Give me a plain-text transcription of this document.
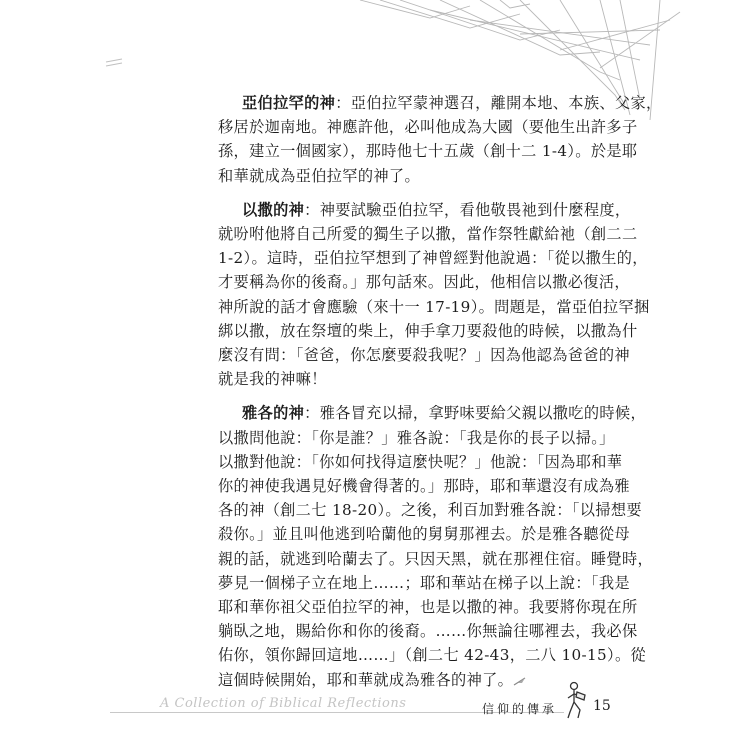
亞伯拉罕的神：亞伯拉罕蒙神選召，離開本地、本族、父家，
移居於迦南地。神應許他，必叫他成為大國（要他生出許多子
孫，建立一個國家），那時他七十五歲（創十二 1-4）。於是耶
和華就成為亞伯拉罕的神了。
以撒的神：神要試驗亞伯拉罕，看他敬畏祂到什麼程度，
就吩咐他將自己所愛的獨生子以撒，當作祭牲獻給祂（創二二
1-2）。這時，亞伯拉罕想到了神曾經對他說過：「從以撒生的，
才要稱為你的後裔。」那句話來。因此，他相信以撒必復活，
神所說的話才會應驗（來十一 17-19）。問題是，當亞伯拉罕捆
綁以撒，放在祭壇的柴上，伸手拿刀要殺他的時候，以撒為什
麼沒有問：「爸爸，你怎麼要殺我呢？」因為他認為爸爸的神
就是我的神嘛！
雅各的神：雅各冒充以掃，拿野味要給父親以撒吃的時候，
以撒問他說：「你是誰？」雅各說：「我是你的長子以掃。」
以撒對他說：「你如何找得這麼快呢？」他說：「因為耶和華
你的神使我遇見好機會得著的。」那時，耶和華還沒有成為雅
各的神（創二七 18-20）。之後，利百加對雅各說：「以掃想要
殺你。」並且叫他逃到哈蘭他的舅舅那裡去。於是雅各聽從母
親的話，就逃到哈蘭去了。只因天黑，就在那裡住宿。睡覺時，
夢見一個梯子立在地上……；耶和華站在梯子以上說：「我是
耶和華你祖父亞伯拉罕的神，也是以撒的神。我要將你現在所
躺臥之地，賜給你和你的後裔。……你無論往哪裡去，我必保
佑你，領你歸回這地……」（創二七 42-43，二八 10-15）。從
這個時候開始，耶和華就成為雅各的神了。
A Collection of Biblical Reflections	信仰的傳承	15
